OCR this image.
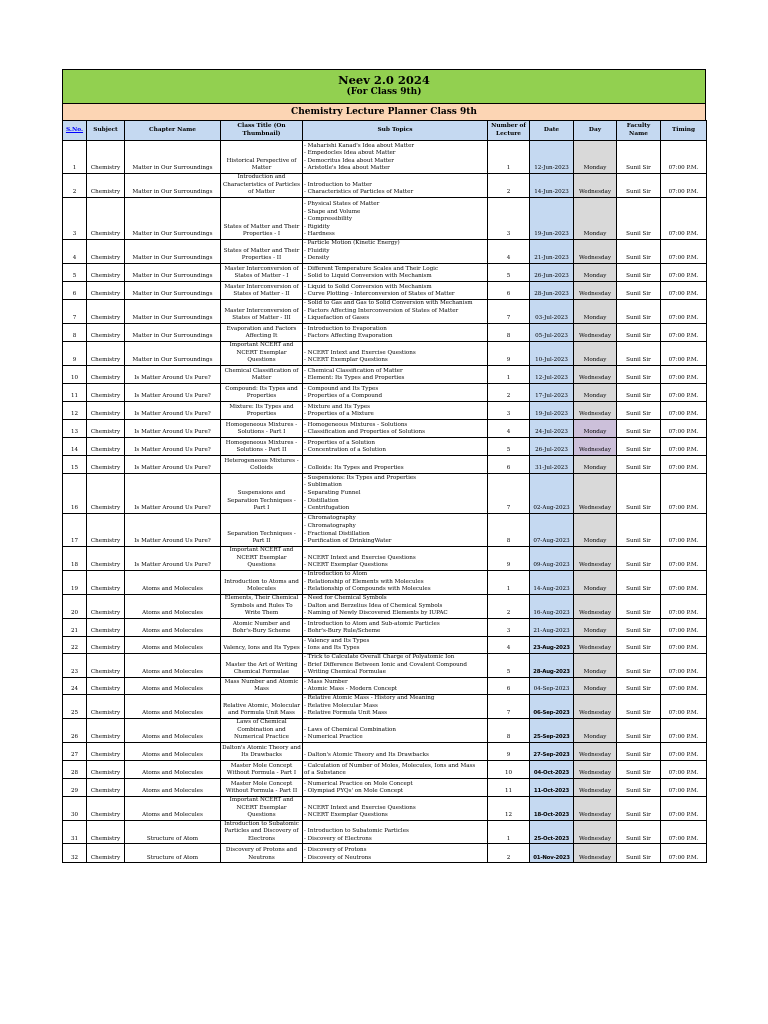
Neev 2.0 2024
(For Class 9th)
Chemistry Lecture Planner Class 9th
S.No.	Subject	Chapter Name	Class Title (On Thumbnail)	Sub Topics	Number of Lecture	Date	Day	Faculty Name	Timing
1	Chemistry	Matter in Our Surroundings	Historical Perspective of Matter	- Maharishi Kanad's Idea about Matter
- Empedocles Idea about Matter
- Democritus Idea about Matter
- Aristotle's Idea about Matter	1	12-Jun-2023	Monday	Sunil Sir	07:00 P.M.
2	Chemistry	Matter in Our Surroundings	Introduction and Characteristics of Particles of Matter	- Introduction to Matter
- Characteristics of Particles of Matter	2	14-Jun-2023	Wednesday	Sunil Sir	07:00 P.M.
3	Chemistry	Matter in Our Surroundings	States of Matter and Their Properties - I	- Physical States of Matter
- Shape and Volume
- Compressibility
- Rigidity
- Hardness	3	19-Jun-2023	Monday	Sunil Sir	07:00 P.M.
4	Chemistry	Matter in Our Surroundings	States of Matter and Their Properties - II	- Particle Motion (Kinetic Energy)
- Fluidity
- Density	4	21-Jun-2023	Wednesday	Sunil Sir	07:00 P.M.
5	Chemistry	Matter in Our Surroundings	Master Interconversion of States of Matter - I	- Different Temperature Scales and Their Logic
- Solid to Liquid Conversion with Mechanism	5	26-Jun-2023	Monday	Sunil Sir	07:00 P.M.
6	Chemistry	Matter in Our Surroundings	Master Interconversion of States of Matter - II	- Liquid to Solid Conversion with Mechanism
- Curve Plotting - Interconversion of States of Matter	6	28-Jun-2023	Wednesday	Sunil Sir	07:00 P.M.
7	Chemistry	Matter in Our Surroundings	Master Interconversion of States of Matter - III	- Solid to Gas and Gas to Solid Conversion with Mechanism
- Factors Affecting Interconversion of States of Matter
- Liquefaction of Gases	7	03-Jul-2023	Monday	Sunil Sir	07:00 P.M.
8	Chemistry	Matter in Our Surroundings	Evaporation and Factors Affecting It	- Introduction to Evaporation
- Factors Affecting Evaporation	8	05-Jul-2023	Wednesday	Sunil Sir	07:00 P.M.
9	Chemistry	Matter in Our Surroundings	Important NCERT and NCERT Exemplar Questions	- NCERT Intext and Exercise Questions
- NCERT Exemplar Questions	9	10-Jul-2023	Monday	Sunil Sir	07:00 P.M.
10	Chemistry	Is Matter Around Us Pure?	Chemical Classification of Matter	- Chemical Classification of Matter
- Element: Its Types and Properties	1	12-Jul-2023	Wednesday	Sunil Sir	07:00 P.M.
11	Chemistry	Is Matter Around Us Pure?	Compound: Its Types and Properties	- Compound and Its Types
- Properties of a Compound	2	17-Jul-2023	Monday	Sunil Sir	07:00 P.M.
12	Chemistry	Is Matter Around Us Pure?	Mixture: Its Types and Properties	- Mixture and Its Types
- Properties of a Mixture	3	19-Jul-2023	Wednesday	Sunil Sir	07:00 P.M.
13	Chemistry	Is Matter Around Us Pure?	Homogeneous Mixtures - Solutions - Part I	- Homogeneous Mixtures - Solutions
- Classification and Properties of Solutions	4	24-Jul-2023	Monday	Sunil Sir	07:00 P.M.
14	Chemistry	Is Matter Around Us Pure?	Homogeneous Mixtures - Solutions - Part II	- Properties of a Solution
- Concentration of a Solution	5	26-Jul-2023	Wednesday	Sunil Sir	07:00 P.M.
15	Chemistry	Is Matter Around Us Pure?	Heterogeneous Mixtures - Colloids	- Colloids: Its Types and Properties	6	31-Jul-2023	Monday	Sunil Sir	07:00 P.M.
16	Chemistry	Is Matter Around Us Pure?	Suspensions and Separation Techniques - Part I	- Suspensions: Its Types and Properties
- Sublimation
- Separating Funnel
- Distillation
- Centrifugation	7	02-Aug-2023	Wednesday	Sunil Sir	07:00 P.M.
17	Chemistry	Is Matter Around Us Pure?	Separation Techniques - Part II	- Chromatography
- Chromatography
- Fractional Distillation
- Purification of DrinkingWater	8	07-Aug-2023	Monday	Sunil Sir	07:00 P.M.
18	Chemistry	Is Matter Around Us Pure?	Important NCERT and NCERT Exemplar Questions	- NCERT Intext and Exercise Questions
- NCERT Exemplar Questions	9	09-Aug-2023	Wednesday	Sunil Sir	07:00 P.M.
19	Chemistry	Atoms and Molecules	Introduction to Atoms and Molecules	- Introduction to Atom
- Relationship of Elements with Molecules
- Relationship of Compounds with Molecules	1	14-Aug-2023	Monday	Sunil Sir	07:00 P.M.
20	Chemistry	Atoms and Molecules	Elements, Their Chemical Symbols and Rules To Write Them	- Need for Chemical Symbols
- Dalton and Berzelius Idea of Chemical Symbols
- Naming of Newly Discovered Elements by IUPAC	2	16-Aug-2023	Wednesday	Sunil Sir	07:00 P.M.
21	Chemistry	Atoms and Molecules	Atomic Number and Bohr's-Bury Scheme	- Introduction to Atom and Sub-atomic Particles
- Bohr's-Bury Rule/Scheme	3	21-Aug-2023	Monday	Sunil Sir	07:00 P.M.
22	Chemistry	Atoms and Molecules	Valency, Ions and Its Types	- Valency and Its Types
- Ions and Its Types	4	23-Aug-2023	Wednesday	Sunil Sir	07:00 P.M.
23	Chemistry	Atoms and Molecules	Master the Art of Writing Chemical Formulae	- Trick to Calculate Overall Charge of Polyatomic Ion
- Brief Difference Between Ionic and Covalent Compound
- Writing Chemical Formulae	5	28-Aug-2023	Monday	Sunil Sir	07:00 P.M.
24	Chemistry	Atoms and Molecules	Mass Number and Atomic Mass	- Mass Number
- Atomic Mass - Modern Concept	6	04-Sep-2023	Monday	Sunil Sir	07:00 P.M.
25	Chemistry	Atoms and Molecules	Relative Atomic, Molecular and Formula Unit Mass	- Relative Atomic Mass - History and Meaning
- Relative Molecular Mass
- Relative Formula Unit Mass	7	06-Sep-2023	Wednesday	Sunil Sir	07:00 P.M.
26	Chemistry	Atoms and Molecules	Laws of Chemical Combination and Numerical Practice	- Laws of Chemical Combination
- Numerical Practice	8	25-Sep-2023	Monday	Sunil Sir	07:00 P.M.
27	Chemistry	Atoms and Molecules	Dalton's Atomic Theory and Its Drawbacks	- Dalton's Atomic Theory and Its Drawbacks	9	27-Sep-2023	Wednesday	Sunil Sir	07:00 P.M.
28	Chemistry	Atoms and Molecules	Master Mole Concept Without Formula - Part I	- Calculation of Number of Moles, Molecules, Ions and Mass
of a Substance	10	04-Oct-2023	Wednesday	Sunil Sir	07:00 P.M.
29	Chemistry	Atoms and Molecules	Master Mole Concept Without Formula - Part II	- Numerical Practice on Mole Concept
- Olympiad PYQs' on Mole Concept	11	11-Oct-2023	Wednesday	Sunil Sir	07:00 P.M.
30	Chemistry	Atoms and Molecules	Important NCERT and NCERT Exemplar Questions	- NCERT Intext and Exercise Questions
- NCERT Exemplar Questions	12	18-Oct-2023	Wednesday	Sunil Sir	07:00 P.M.
31	Chemistry	Structure of Atom	Introduction to Subatomic Particles and Discovery of Electrons	- Introduction to Subatomic Particles
- Discovery of Electrons	1	25-Oct-2023	Wednesday	Sunil Sir	07:00 P.M.
32	Chemistry	Structure of Atom	Discovery of Protons and Neutrons	- Discovery of Protons
- Discovery of Neutrons	2	01-Nov-2023	Wednesday	Sunil Sir	07:00 P.M.
